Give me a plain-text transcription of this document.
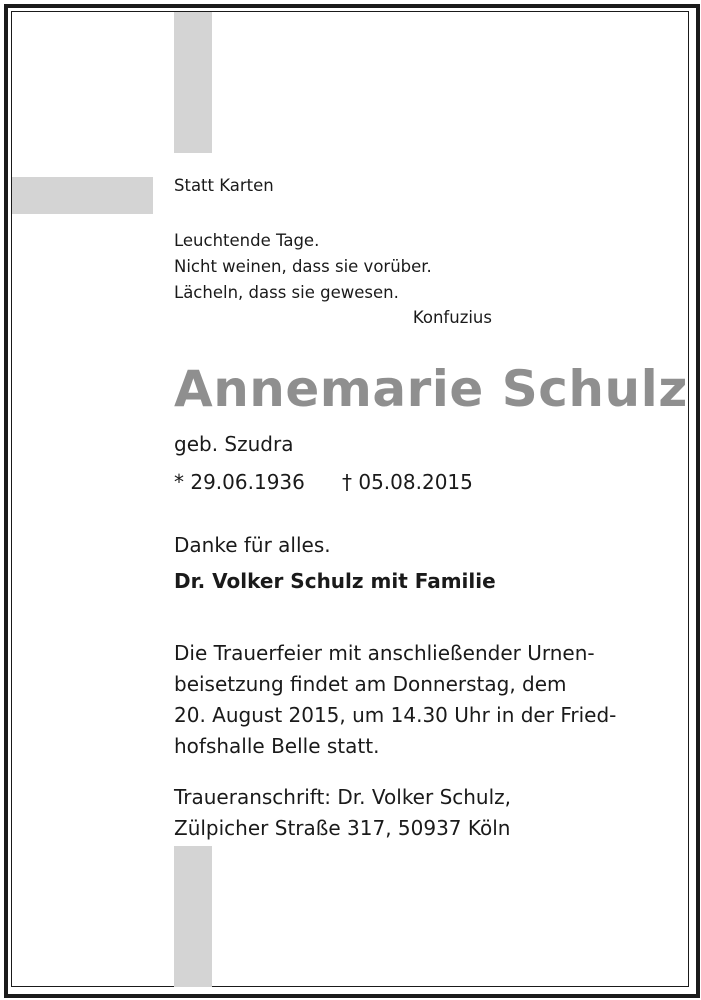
Statt Karten

Leuchtende Tage.
Nicht weinen, dass sie vorüber.
Lächeln, dass sie gewesen.
Konfuzius
Annemarie Schulz

geb. Szudra

* 29.06.1936 † 05.08.2015

Danke für alles.

Dr. Volker Schulz mit Familie

Die Trauerfeier mit anschließender Urnen-
beisetzung findet am Donnerstag, dem
20. August 2015, um 14.30 Uhr in der Fried-
hofshalle Belle statt.
Traueranschrift: Dr. Volker Schulz,
Zülpicher Straße 317, 50937 Köln
